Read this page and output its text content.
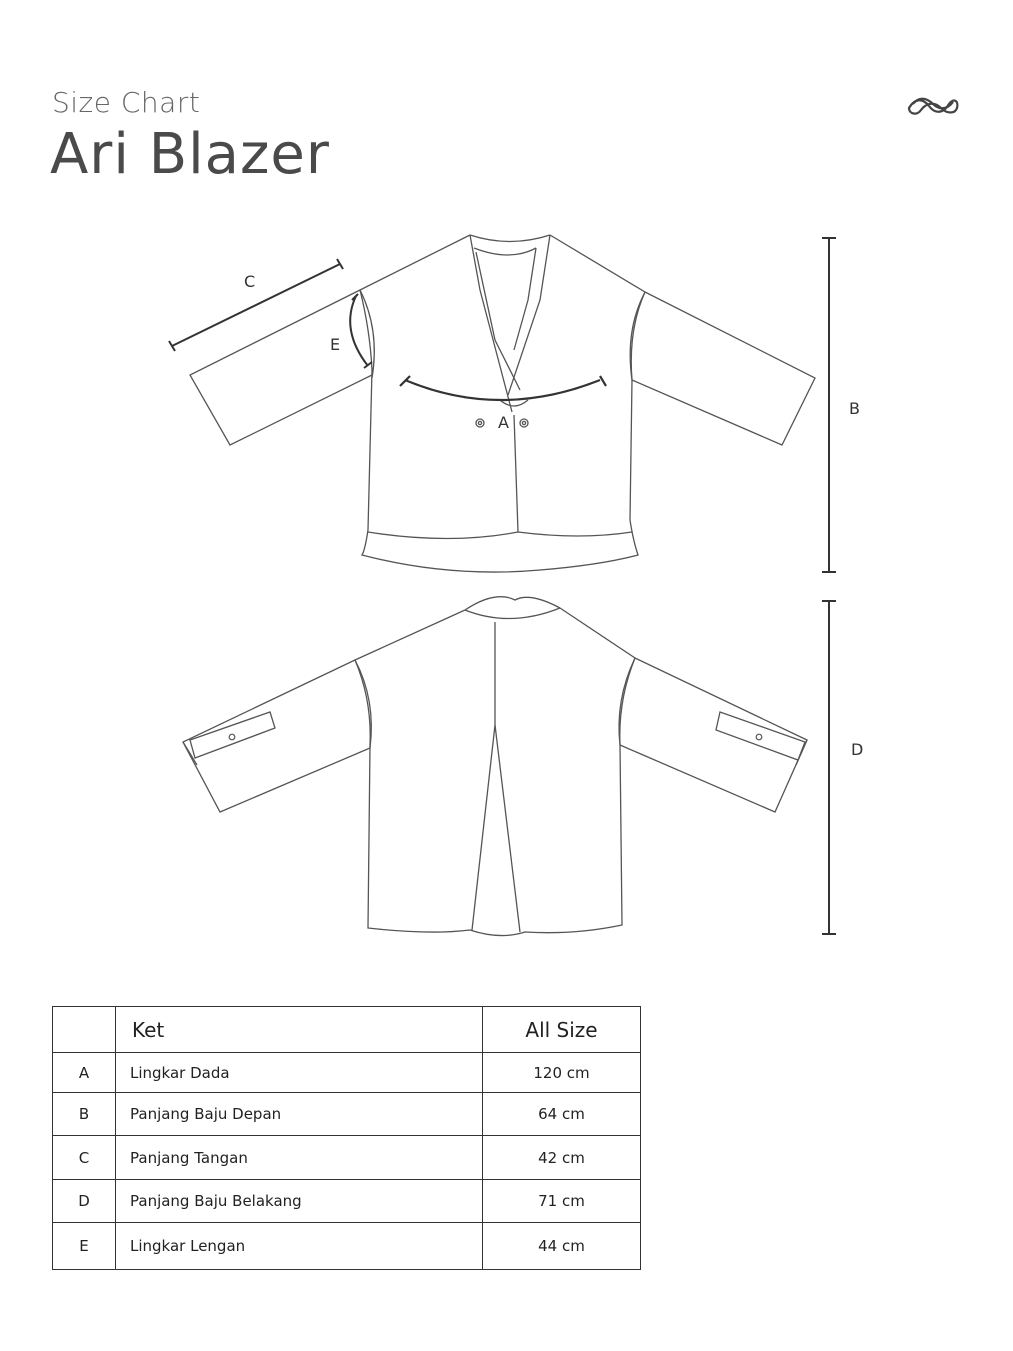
Size Chart
Ari Blazer
A
C
E
B
D
	Ket	All Size
A	Lingkar Dada	120 cm
B	Panjang Baju Depan	64 cm
C	Panjang Tangan	42 cm
D	Panjang Baju Belakang	71 cm
E	Lingkar Lengan	44 cm
